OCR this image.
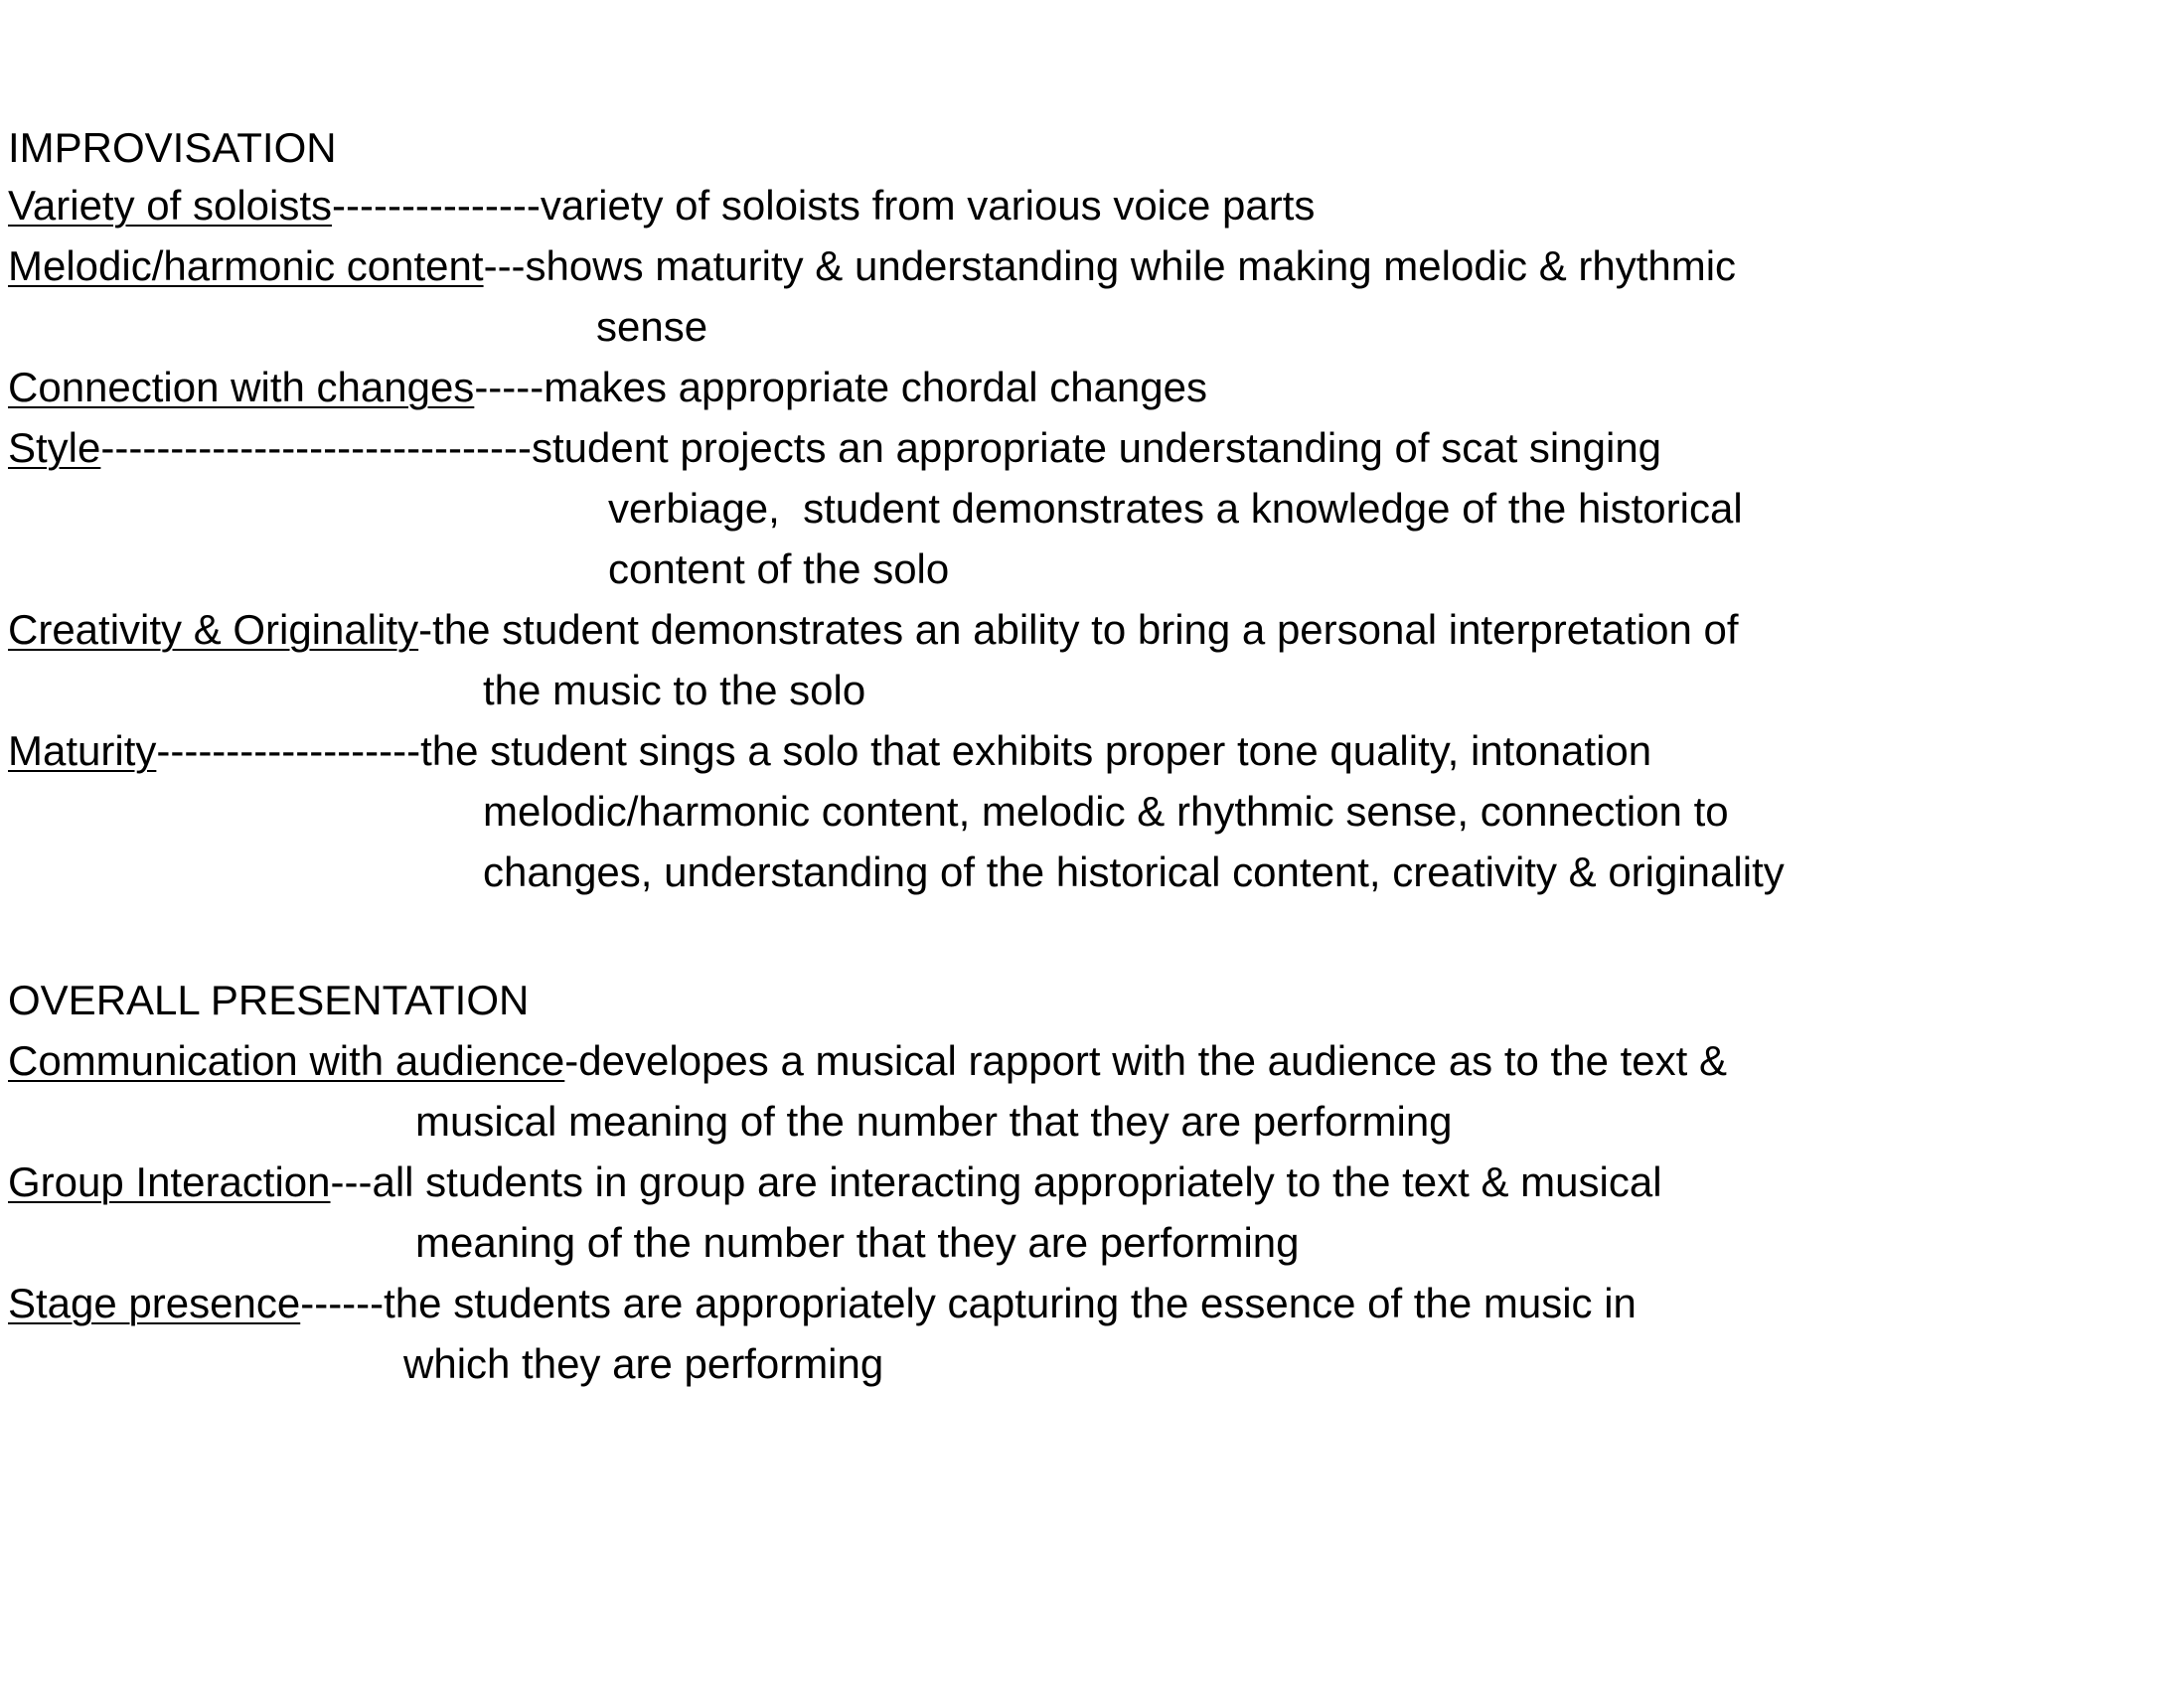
IMPROVISATION
Variety of soloists---------------variety of soloists from various voice parts
Melodic/harmonic content---shows maturity & understanding while making melodic & rhythmic
sense
Connection with changes-----makes appropriate chordal changes
Style-------------------------------student projects an appropriate understanding of scat singing
verbiage,  student demonstrates a knowledge of the historical
content of the solo
Creativity & Originality-the student demonstrates an ability to bring a personal interpretation of
the music to the solo
Maturity-------------------the student sings a solo that exhibits proper tone quality, intonation
melodic/harmonic content, melodic & rhythmic sense, connection to
changes, understanding of the historical content, creativity & originality
OVERALL PRESENTATION
Communication with audience-developes a musical rapport with the audience as to the text &
musical meaning of the number that they are performing
Group Interaction---all students in group are interacting appropriately to the text & musical
meaning of the number that they are performing
Stage presence------the students are appropriately capturing the essence of the music in
which they are performing
